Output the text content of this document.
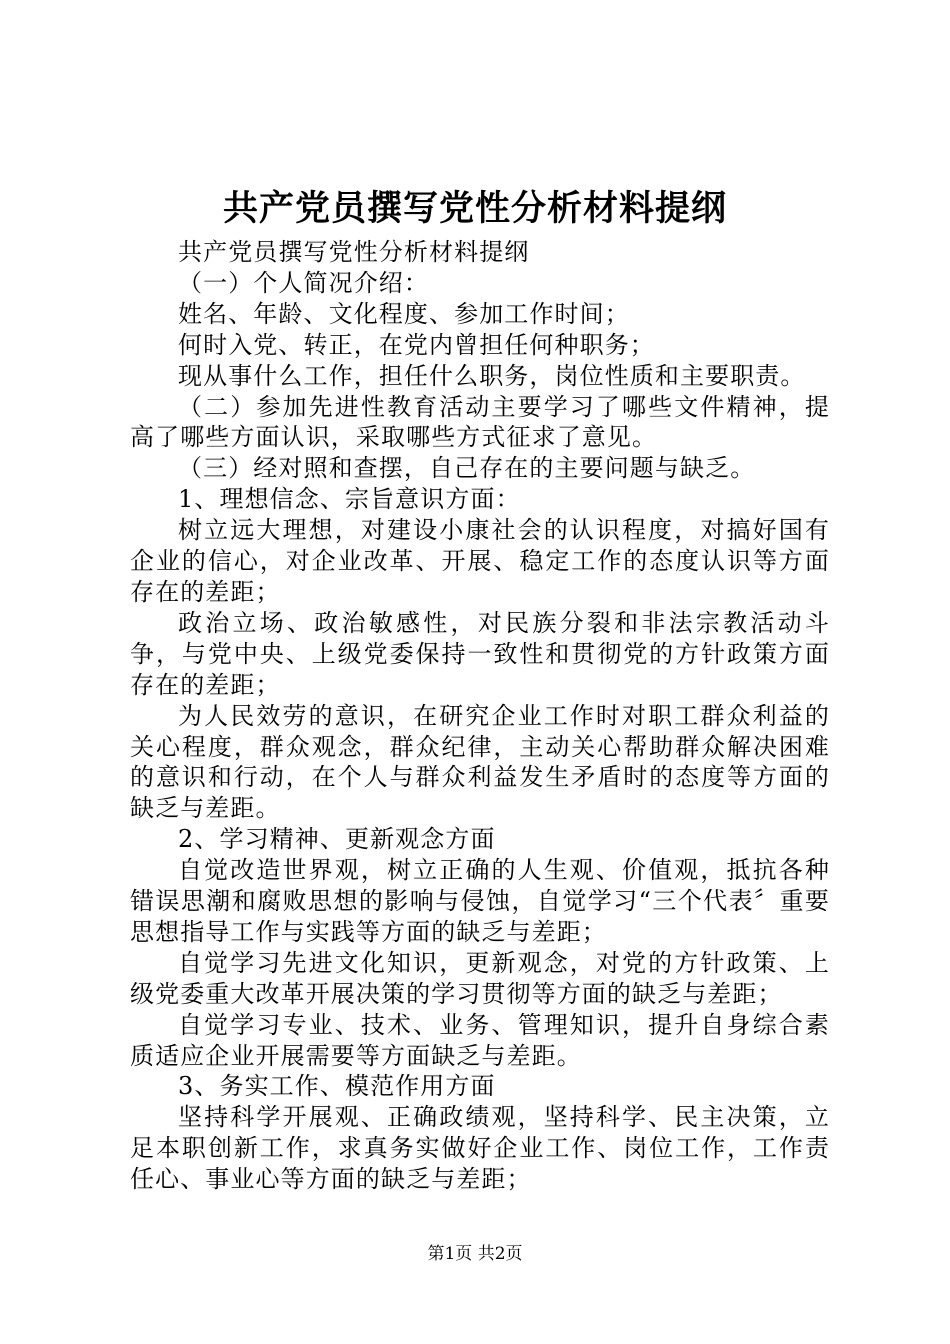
共产党员撰写党性分析材料提纲

共产党员撰写党性分析材料提纲

（一）个人简况介绍：

姓名、年龄、文化程度、参加工作时间；

何时入党、转正，在党内曾担任何种职务；

现从事什么工作，担任什么职务，岗位性质和主要职责。

（二）参加先进性教育活动主要学习了哪些文件精神，提高了哪些方面认识，采取哪些方式征求了意见。

（三）经对照和查摆，自己存在的主要问题与缺乏。

1、理想信念、宗旨意识方面：

树立远大理想，对建设小康社会的认识程度，对搞好国有企业的信心，对企业改革、开展、稳定工作的态度认识等方面存在的差距；

政治立场、政治敏感性，对民族分裂和非法宗教活动斗争，与党中央、上级党委保持一致性和贯彻党的方针政策方面存在的差距；

为人民效劳的意识，在研究企业工作时对职工群众利益的关心程度，群众观念，群众纪律，主动关心帮助群众解决困难的意识和行动，在个人与群众利益发生矛盾时的态度等方面的缺乏与差距。

2、学习精神、更新观念方面

自觉改造世界观，树立正确的人生观、价值观，抵抗各种错误思潮和腐败思想的影响与侵蚀，自觉学习“三个代表〞重要思想指导工作与实践等方面的缺乏与差距；

自觉学习先进文化知识，更新观念，对党的方针政策、上级党委重大改革开展决策的学习贯彻等方面的缺乏与差距；

自觉学习专业、技术、业务、管理知识，提升自身综合素质适应企业开展需要等方面缺乏与差距。

3、务实工作、模范作用方面

坚持科学开展观、正确政绩观，坚持科学、民主决策，立足本职创新工作，求真务实做好企业工作、岗位工作，工作责任心、事业心等方面的缺乏与差距；

第1页 共2页
